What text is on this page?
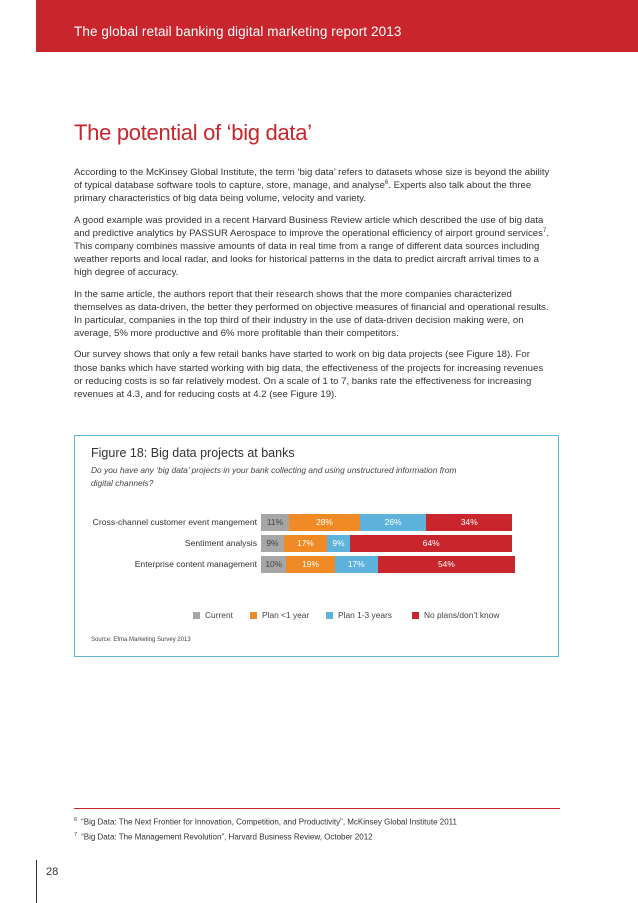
The global retail banking digital marketing report 2013
The potential of ‘big data’

According to the McKinsey Global Institute, the term ‘big data’ refers to datasets whose size is beyond the ability of typical database software tools to capture, store, manage, and analyse$^6$. Experts also talk about the three primary characteristics of big data being volume, velocity and variety.

A good example was provided in a recent Harvard Business Review article which described the use of big data and predictive analytics by PASSUR Aerospace to improve the operational efficiency of airport ground services$^7$. This company combines massive amounts of data in real time from a range of different data sources including weather reports and local radar, and looks for historical patterns in the data to predict aircraft arrival times to a high degree of accuracy.

In the same article, the authors report that their research shows that the more companies characterized themselves as data-driven, the better they performed on objective measures of financial and operational results. In particular, companies in the top third of their industry in the use of data-driven decision making were, on average, 5% more productive and 6% more profitable than their competitors.

Our survey shows that only a few retail banks have started to work on big data projects (see Figure 18). For those banks which have started working with big data, the effectiveness of the projects for increasing revenues or reducing costs is so far relatively modest. On a scale of 1 to 7, banks rate the effectiveness for increasing revenues at 4.3, and for reducing costs at 4.2 (see Figure 19).

Figure 18: Big data projects at banks
Do you have any ‘big data’ projects in your bank collecting and using unstructured information from digital channels?
Current	Plan <1 year	Plan 1-3 years	No plans/don’t know
Cross-channel customer event mangement	11%	28%	26%	34%
Sentiment analysis	9%	17%	9%	64%
Enterprise content management 10%	19%	17%	54%
Source: Efma Marketing Survey 2013
$^6$ “Big Data: The Next Frontier for Innovation, Competition, and Productivity”, McKinsey Global Institute 2011
$^7$ “Big Data: The Management Revolution”, Harvard Business Review, October 2012
28
